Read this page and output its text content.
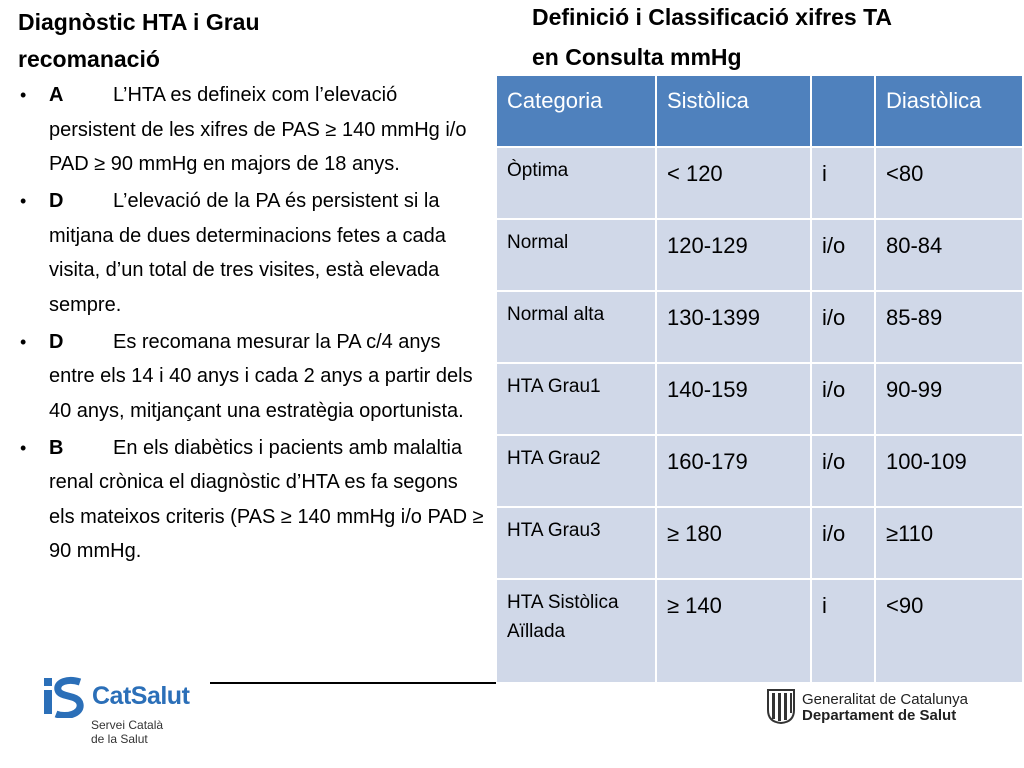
Diagnòstic HTA i Grau
recomanació
Definició i Classificació xifres TA
en Consulta mmHg
• A L’HTA es defineix com l’elevació persistent de les xifres de PAS ≥ 140 mmHg i/o PAD ≥ 90 mmHg en majors de 18 anys.
• D L’elevació de la PA és persistent si la mitjana de dues determinacions fetes a cada visita, d’un total de tres visites, està elevada sempre.
• D Es recomana mesurar la PA c/4 anys entre els 14 i 40 anys i cada 2 anys a partir dels 40 anys, mitjançant una estratègia oportunista.
• B En els diabètics i pacients amb malaltia renal crònica el diagnòstic d’HTA es fa segons els mateixos criteris (PAS ≥ 140 mmHg i/o PAD ≥ 90 mmHg.
Categoria	Sistòlica		Diastòlica
Òptima	< 120	i	<80
Normal	120-129	i/o	80-84
Normal alta	130-1399	i/o	85-89
HTA Grau1	140-159	i/o	90-99
HTA Grau2	160-179	i/o	100-109
HTA Grau3	≥ 180	i/o	≥110
HTA Sistòlica Aïllada	≥ 140	i	<90
CatSalut
Servei Català
de la Salut
Generalitat de Catalunya
Departament de Salut
